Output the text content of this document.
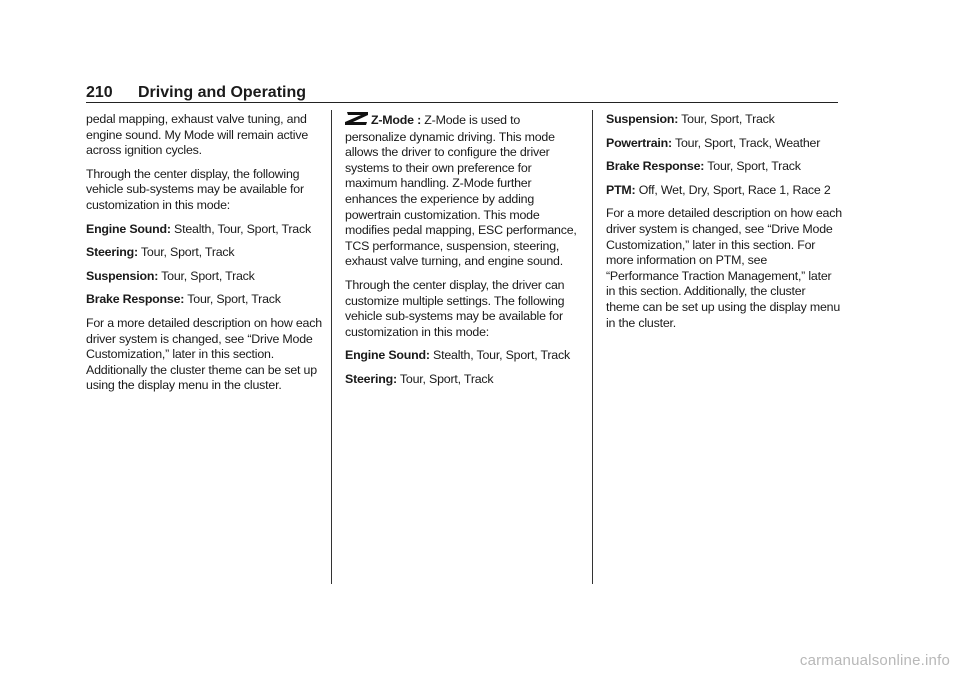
210 Driving and Operating

pedal mapping, exhaust valve tuning, and engine sound. My Mode will remain active across ignition cycles.

Through the center display, the following vehicle sub-systems may be available for customization in this mode:

Engine Sound: Stealth, Tour, Sport, Track

Steering: Tour, Sport, Track

Suspension: Tour, Sport, Track

Brake Response: Tour, Sport, Track

For a more detailed description on how each driver system is changed, see “Drive Mode Customization,” later in this section. Additionally the cluster theme can be set up using the display menu in the cluster.

Z-Mode : Z-Mode is used to personalize dynamic driving. This mode allows the driver to configure the driver systems to their own preference for maximum handling. Z-Mode further enhances the experience by adding powertrain customization. This mode modifies pedal mapping, ESC performance, TCS performance, suspension, steering, exhaust valve turning, and engine sound.

Through the center display, the driver can customize multiple settings. The following vehicle sub-systems may be available for customization in this mode:

Engine Sound: Stealth, Tour, Sport, Track

Steering: Tour, Sport, Track

Suspension: Tour, Sport, Track

Powertrain: Tour, Sport, Track, Weather

Brake Response: Tour, Sport, Track

PTM: Off, Wet, Dry, Sport, Race 1, Race 2

For a more detailed description on how each driver system is changed, see “Drive Mode Customization,” later in this section. For more information on PTM, see “Performance Traction Management,” later in this section. Additionally, the cluster theme can be set up using the display menu in the cluster.

carmanualsonline.info
